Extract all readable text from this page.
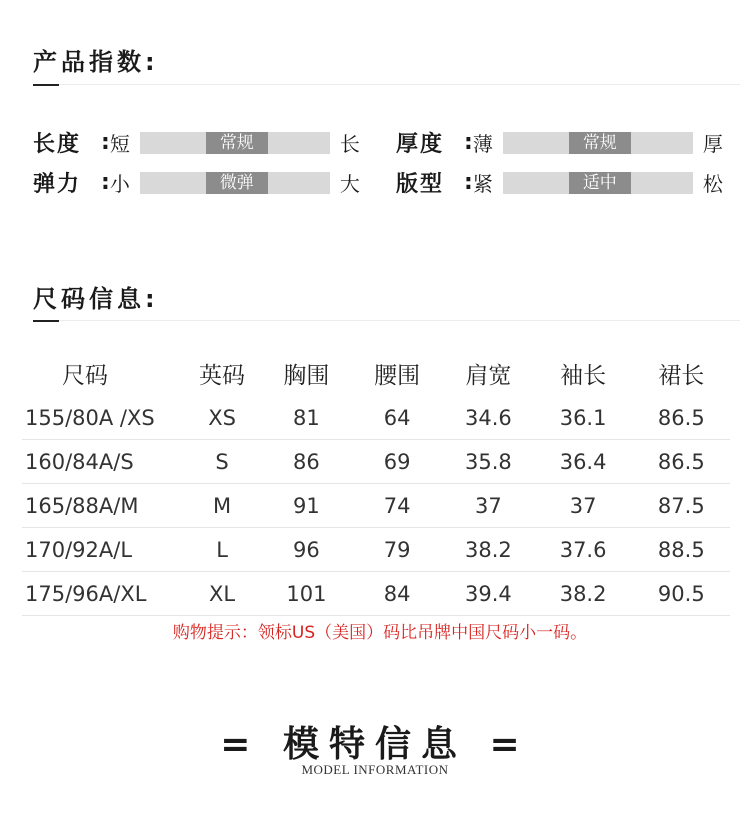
产品指数:
长度 : 短	常规	长 厚度 : 薄	常规	厚
弹力 : 小	微弹	大 版型 : 紧	适中	松
尺码信息:
尺码	英码	胸围	腰围	肩宽	袖长	裙长
155/80A /XS	XS	81	64	34.6	36.1	86.5
160/84A/S	S	86	69	35.8	36.4	86.5
165/88A/M	M	91	74	37	37	87.5
170/92A/L	L	96	79	38.2	37.6	88.5
175/96A/XL	XL	101	84	39.4	38.2	90.5
购物提示：领标US（美国）码比吊牌中国尺码小一码。
= 模特信息 =
MODEL INFORMATION
